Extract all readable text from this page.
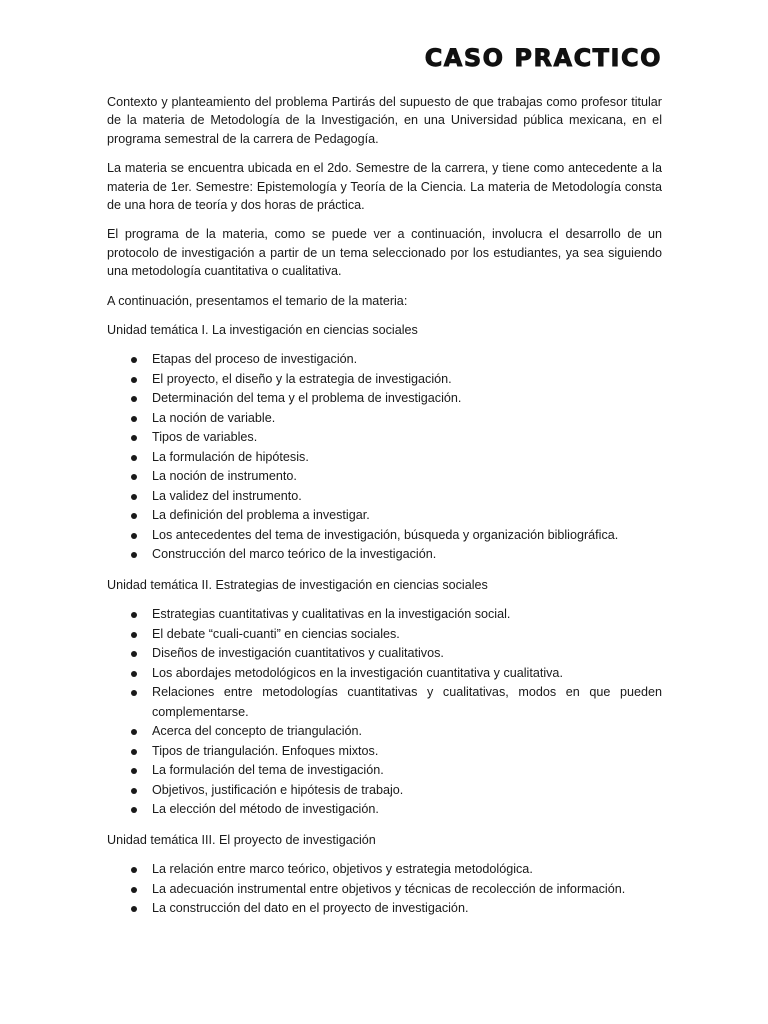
CASO PRACTICO

Contexto y planteamiento del problema Partirás del supuesto de que trabajas como profesor titular de la materia de Metodología de la Investigación, en una Universidad pública mexicana, en el programa semestral de la carrera de Pedagogía.

La materia se encuentra ubicada en el 2do. Semestre de la carrera, y tiene como antecedente a la materia de 1er. Semestre: Epistemología y Teoría de la Ciencia. La materia de Metodología consta de una hora de teoría y dos horas de práctica.

El programa de la materia, como se puede ver a continuación, involucra el desarrollo de un protocolo de investigación a partir de un tema seleccionado por los estudiantes, ya sea siguiendo una metodología cuantitativa o cualitativa.

A continuación, presentamos el temario de la materia:

Unidad temática I. La investigación en ciencias sociales

Etapas del proceso de investigación.
El proyecto, el diseño y la estrategia de investigación.
Determinación del tema y el problema de investigación.
La noción de variable.
Tipos de variables.
La formulación de hipótesis.
La noción de instrumento.
La validez del instrumento.
La definición del problema a investigar.
Los antecedentes del tema de investigación, búsqueda y organización bibliográfica.
Construcción del marco teórico de la investigación.

Unidad temática II. Estrategias de investigación en ciencias sociales

Estrategias cuantitativas y cualitativas en la investigación social.
El debate “cuali-cuanti” en ciencias sociales.
Diseños de investigación cuantitativos y cualitativos.
Los abordajes metodológicos en la investigación cuantitativa y cualitativa.
Relaciones entre metodologías cuantitativas y cualitativas, modos en que pueden complementarse.
Acerca del concepto de triangulación.
Tipos de triangulación. Enfoques mixtos.
La formulación del tema de investigación.
Objetivos, justificación e hipótesis de trabajo.
La elección del método de investigación.

Unidad temática III. El proyecto de investigación

La relación entre marco teórico, objetivos y estrategia metodológica.
La adecuación instrumental entre objetivos y técnicas de recolección de información.
La construcción del dato en el proyecto de investigación.
